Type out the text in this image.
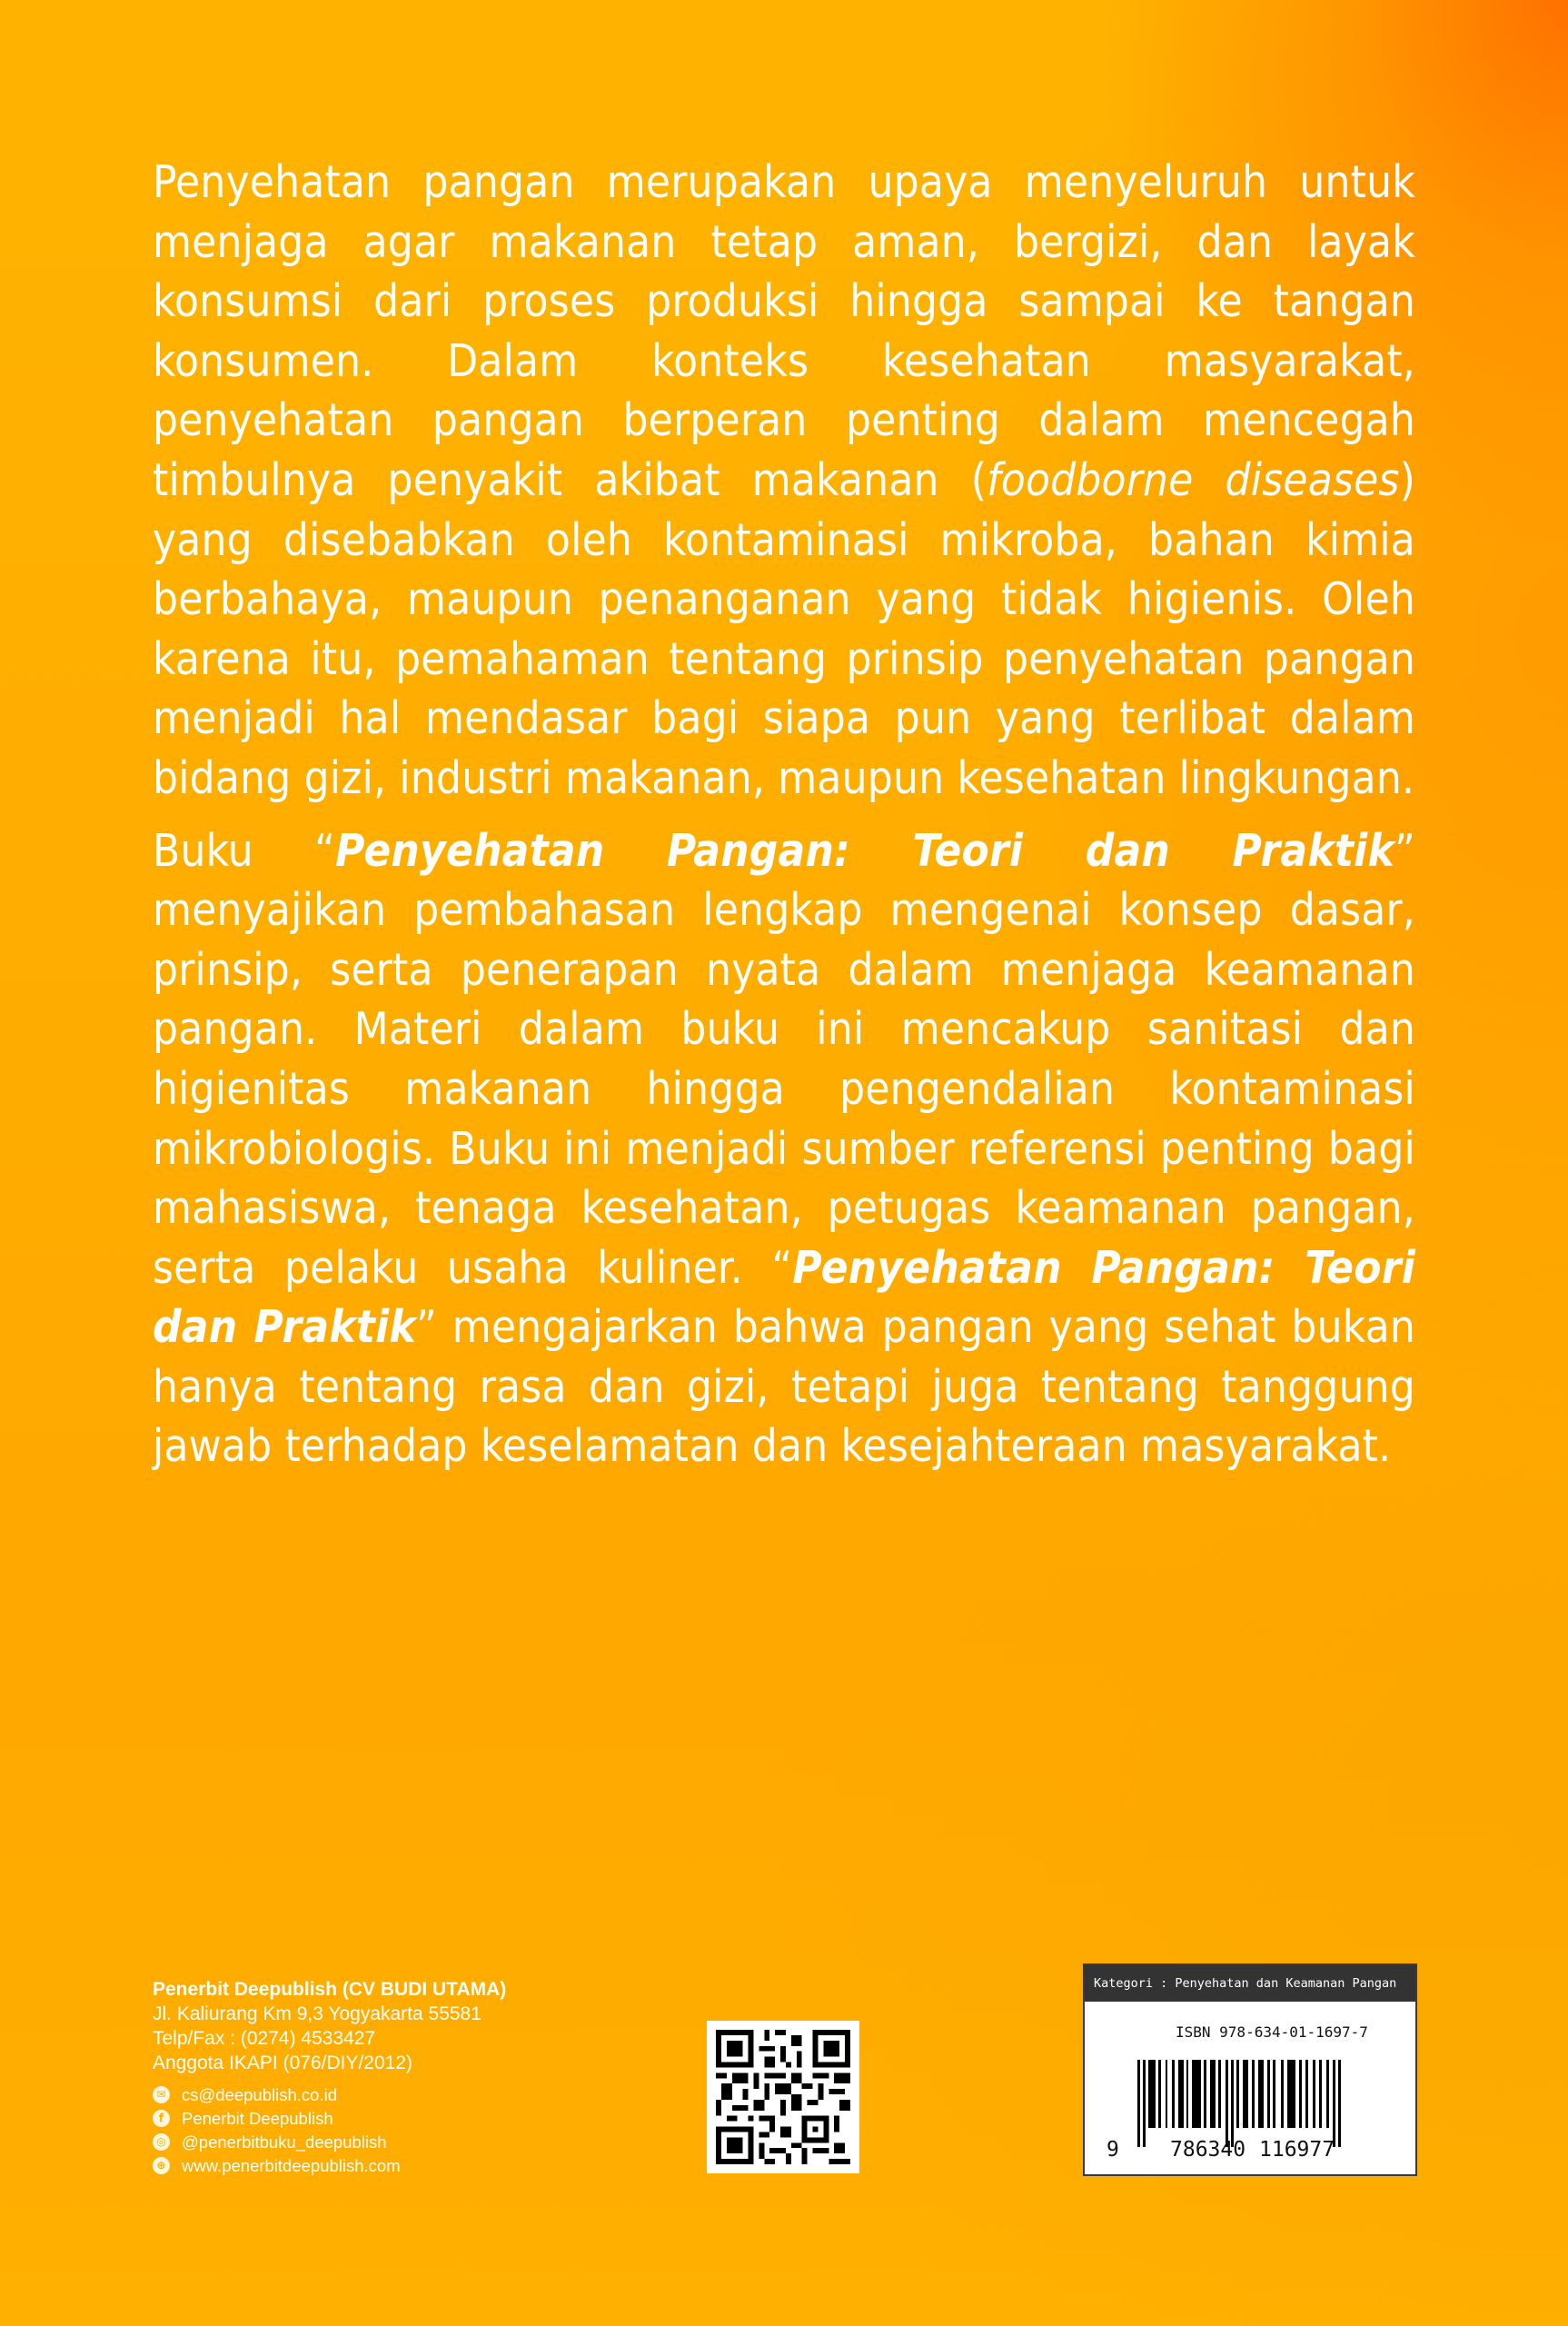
Penyehatan pangan merupakan upaya menyeluruh untuk menjaga agar makanan tetap aman, bergizi, dan layak konsumsi dari proses produksi hingga sampai ke tangan konsumen. Dalam konteks kesehatan masyarakat, penyehatan pangan berperan penting dalam mencegah timbulnya penyakit akibat makanan (foodborne diseases) yang disebabkan oleh kontaminasi mikroba, bahan kimia berbahaya, maupun penanganan yang tidak higienis. Oleh karena itu, pemahaman tentang prinsip penyehatan pangan menjadi hal mendasar bagi siapa pun yang terlibat dalam bidang gizi, industri makanan, maupun kesehatan lingkungan.

Buku “Penyehatan Pangan: Teori dan Praktik” menyajikan pembahasan lengkap mengenai konsep dasar, prinsip, serta penerapan nyata dalam menjaga keamanan pangan. Materi dalam buku ini mencakup sanitasi dan higienitas makanan hingga pengendalian kontaminasi mikrobiologis. Buku ini menjadi sumber referensi penting bagi mahasiswa, tenaga kesehatan, petugas keamanan pangan, serta pelaku usaha kuliner. “Penyehatan Pangan: Teori dan Praktik” mengajarkan bahwa pangan yang sehat bukan hanya tentang rasa dan gizi, tetapi juga tentang tanggung jawab terhadap keselamatan dan kesejahteraan masyarakat.

Penerbit Deepublish (CV BUDI UTAMA)
Jl. Kaliurang Km 9,3 Yogyakarta 55581
Telp/Fax : (0274) 4533427
Anggota IKAPI (076/DIY/2012)
✉ cs@deepublish.co.id
f	Penerbit Deepublish
◎ @penerbitbuku_deepublish
⊕ www.penerbitdeepublish.com
Kategori : Penyehatan dan Keamanan Pangan
ISBN 978-634-01-1697-7
9 786340 116977
